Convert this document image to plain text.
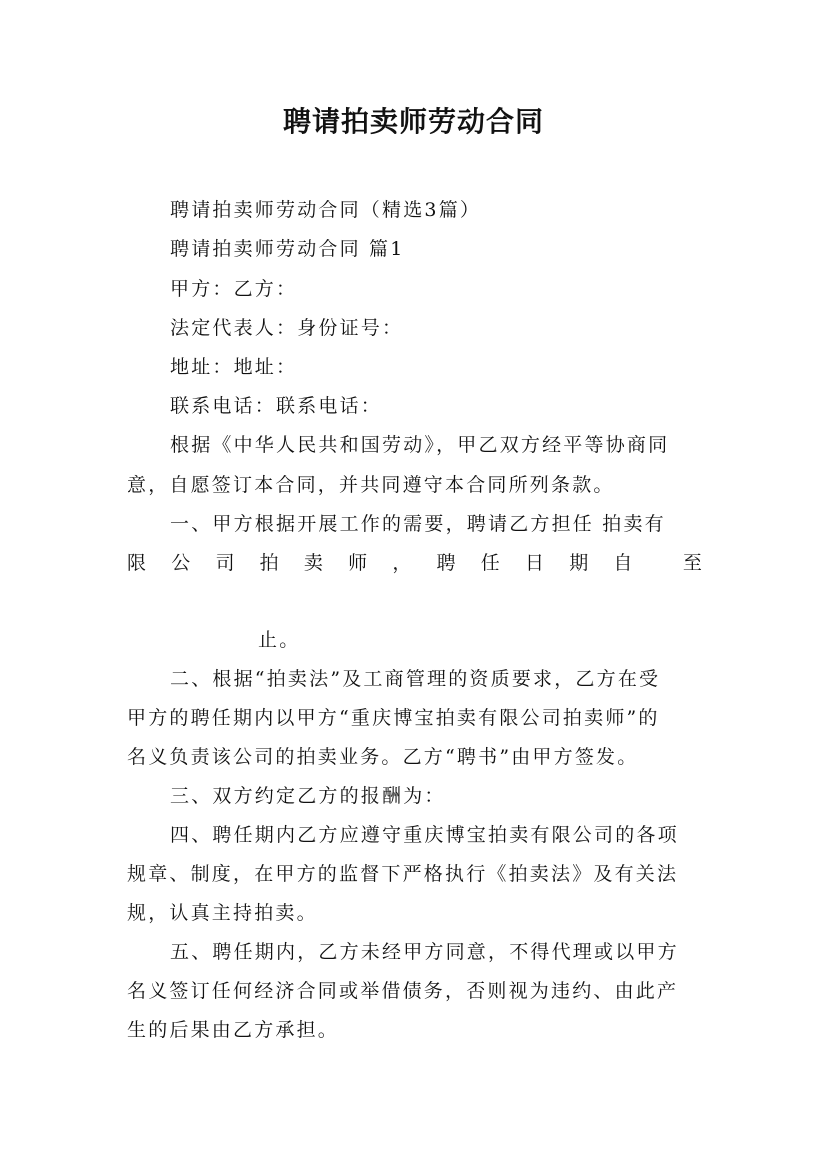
聘请拍卖师劳动合同
聘请拍卖师劳动合同（精选3篇）
聘请拍卖师劳动合同 篇1
甲方：乙方：
法定代表人：身份证号：
地址：地址：
联系电话：联系电话：
根据《中华人民共和国劳动》，甲乙双方经平等协商同
意，自愿签订本合同，并共同遵守本合同所列条款。
一、甲方根据开展工作的需要，聘请乙方担任 拍卖有
限 公 司 拍 卖 师 ， 聘 任 日 期 自	至
止。
二、根据“拍卖法”及工商管理的资质要求，乙方在受
甲方的聘任期内以甲方“重庆博宝拍卖有限公司拍卖师”的
名义负责该公司的拍卖业务。乙方“聘书”由甲方签发。
三、双方约定乙方的报酬为：
四、聘任期内乙方应遵守重庆博宝拍卖有限公司的各项
规章、制度，在甲方的监督下严格执行《拍卖法》及有关法
规，认真主持拍卖。
五、聘任期内，乙方未经甲方同意，不得代理或以甲方
名义签订任何经济合同或举借债务，否则视为违约、由此产
生的后果由乙方承担。
